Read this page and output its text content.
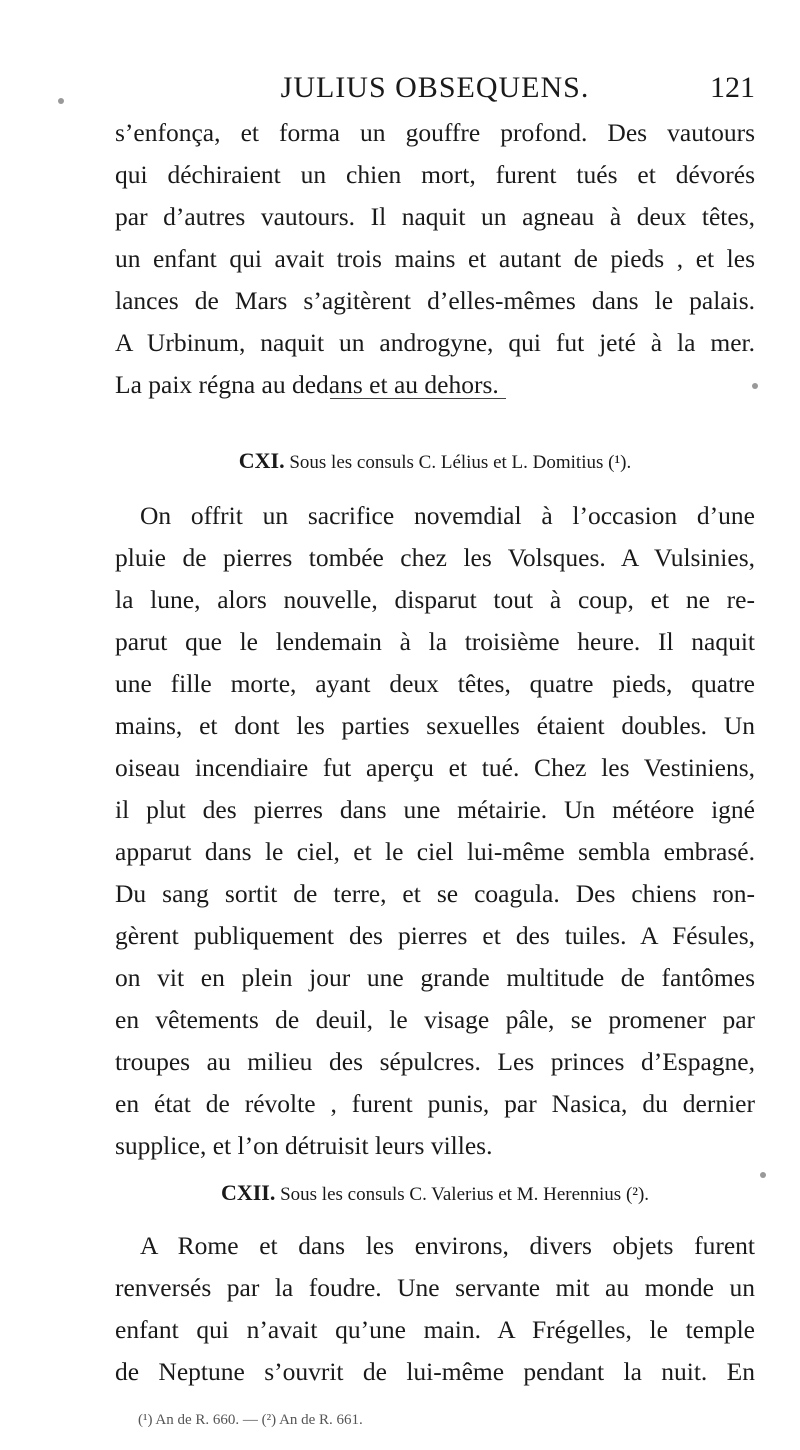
JULIUS OBSEQUENS.	121
s’enfonça, et forma un gouffre profond. Des vautours
qui déchiraient un chien mort, furent tués et dévorés
par d’autres vautours. Il naquit un agneau à deux têtes,
un enfant qui avait trois mains et autant de pieds , et les
lances de Mars s’agitèrent d’elles-mêmes dans le palais.
A Urbinum, naquit un androgyne, qui fut jeté à la mer.
La paix régna au dedans et au dehors.
CXI. Sous les consuls C. Lélius et L. Domitius (¹).
On offrit un sacrifice novemdial à l’occasion d’une
pluie de pierres tombée chez les Volsques. A Vulsinies,
la lune, alors nouvelle, disparut tout à coup, et ne re-
parut que le lendemain à la troisième heure. Il naquit
une fille morte, ayant deux têtes, quatre pieds, quatre
mains, et dont les parties sexuelles étaient doubles. Un
oiseau incendiaire fut aperçu et tué. Chez les Vestiniens,
il plut des pierres dans une métairie. Un météore igné
apparut dans le ciel, et le ciel lui-même sembla embrasé.
Du sang sortit de terre, et se coagula. Des chiens ron-
gèrent publiquement des pierres et des tuiles. A Fésules,
on vit en plein jour une grande multitude de fantômes
en vêtements de deuil, le visage pâle, se promener par
troupes au milieu des sépulcres. Les princes d’Espagne,
en état de révolte , furent punis, par Nasica, du dernier
supplice, et l’on détruisit leurs villes.
CXII. Sous les consuls C. Valerius et M. Herennius (²).
A Rome et dans les environs, divers objets furent
renversés par la foudre. Une servante mit au monde un
enfant qui n’avait qu’une main. A Frégelles, le temple
de Neptune s’ouvrit de lui-même pendant la nuit. En
(¹) An de R. 660. — (²) An de R. 661.
